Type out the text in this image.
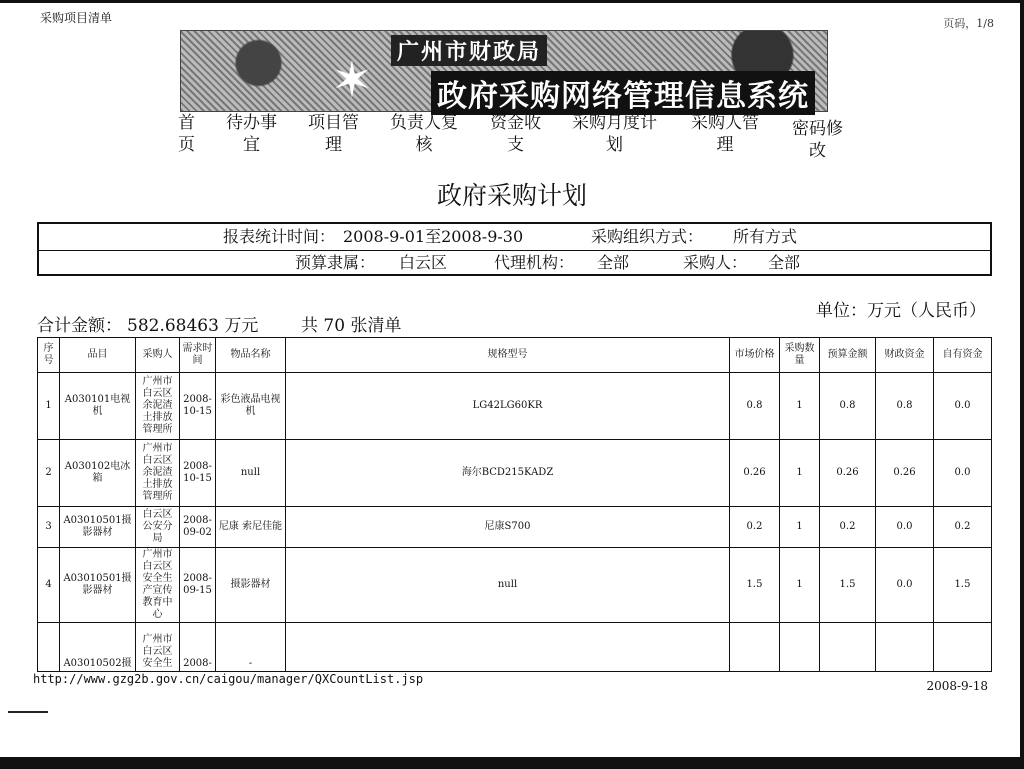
采购项目清单	页码，1/8
✶ 广州市财政局
政府采购网络管理信息系统
首
页
待办事
宜
项目管
理
负责人复
核
资金收
支
采购月度计
划
采购人管
理
密码修
改
政府采购计划
报表统计时间： 2008-9-01至2008-9-30	采购组织方式： 所有方式
预算隶属： 白云区	代理机构： 全部	采购人： 全部
合计金额： 582.68463 万元	共 70 张清单
单位：万元（人民币）
序号	品目	采购人	需求时间	物品名称	规格型号	市场价格	采购数量	预算金额	财政资金	自有资金
1	A030101电视机	广州市白云区余泥渣土排放管理所	2008-10-15	彩色液晶电视机	LG42LG60KR	0.8	1	0.8	0.8	0.0
2	A030102电冰箱	广州市白云区余泥渣土排放管理所	2008-10-15	null	海尔BCD215KADZ	0.26	1	0.26	0.26	0.0
3	A03010501摄影器材	白云区公安分局	2008-09-02	尼康 索尼佳能	尼康S700	0.2	1	0.2	0.0	0.2
4	A03010501摄影器材	广州市白云区安全生产宣传教育中心	2008-09-15	摄影器材	null	1.5	1	1.5	0.0	1.5
	A03010502摄	广州市白云区安全生	2008-	-						
http://www.gzg2b.gov.cn/caigou/manager/QXCountList.jsp	2008-9-18
